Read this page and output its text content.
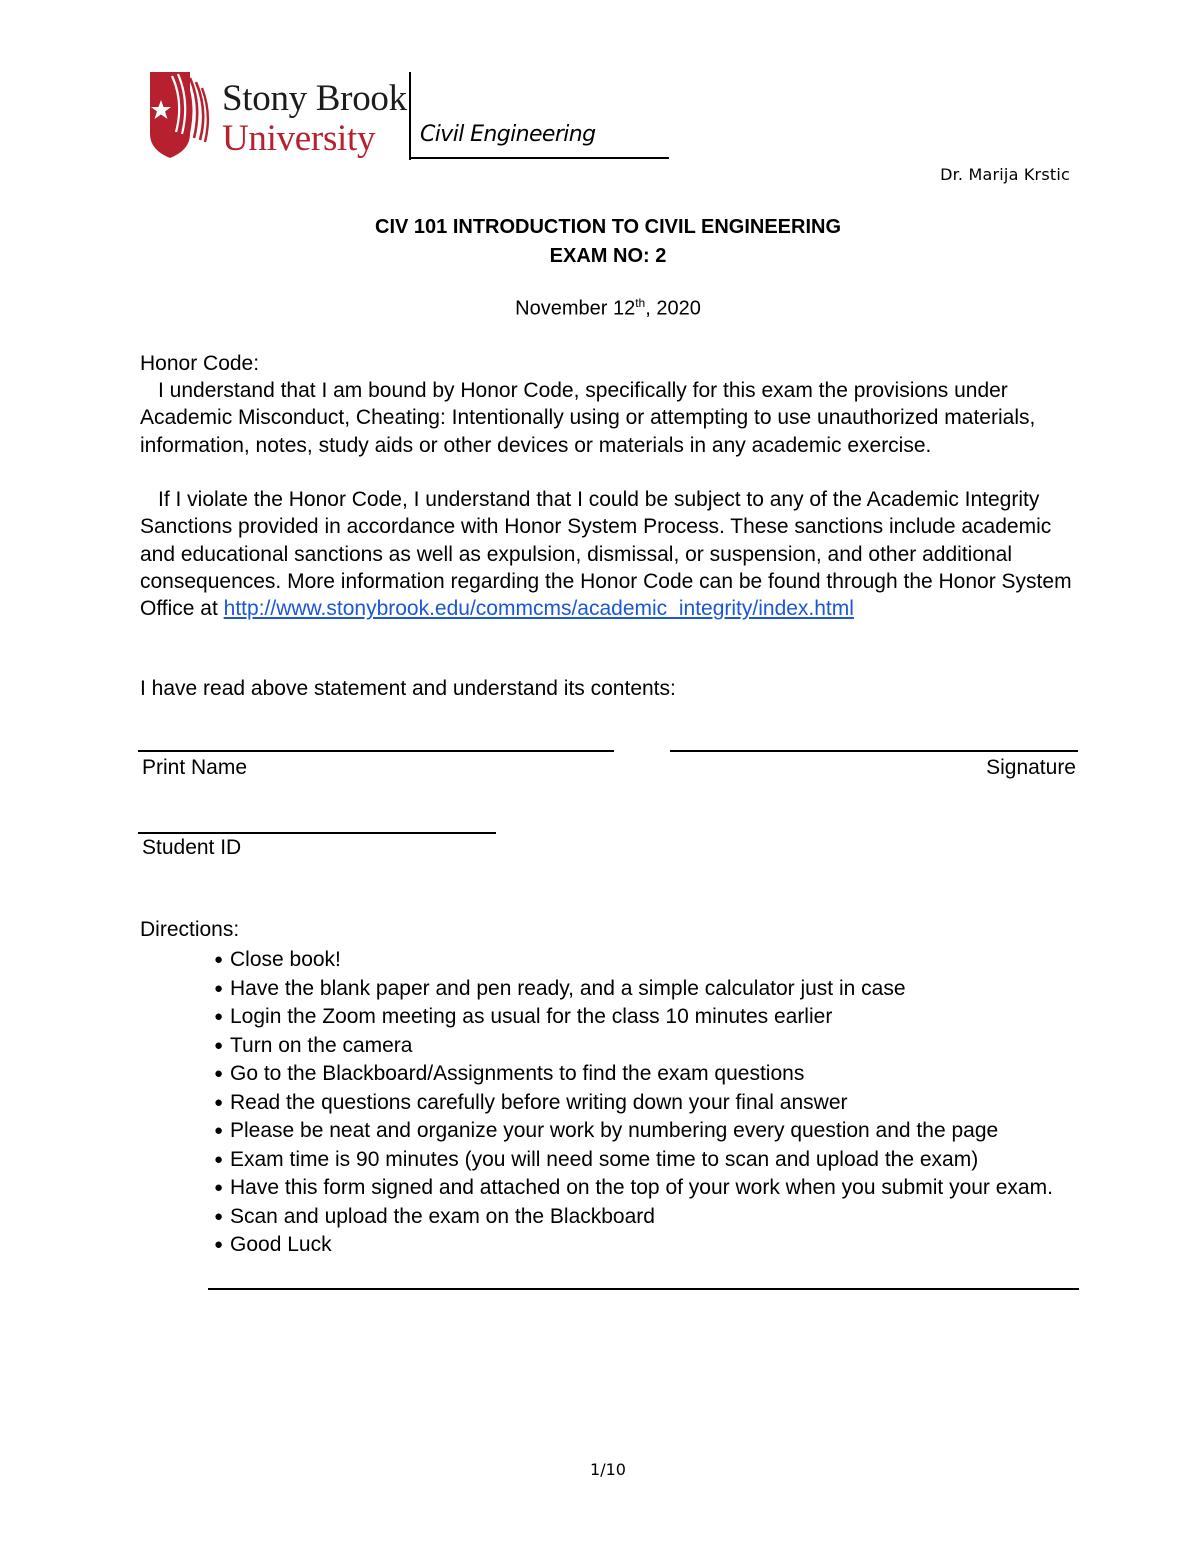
Stony Brook
University	Civil Engineering
Dr. Marija Krstic
CIV 101 INTRODUCTION TO CIVIL ENGINEERING
EXAM NO: 2
November 12th, 2020
Honor Code:
I understand that I am bound by Honor Code, specifically for this exam the provisions under Academic Misconduct, Cheating: Intentionally using or attempting to use unauthorized materials, information, notes, study aids or other devices or materials in any academic exercise.
If I violate the Honor Code, I understand that I could be subject to any of the Academic Integrity Sanctions provided in accordance with Honor System Process. These sanctions include academic and educational sanctions as well as expulsion, dismissal, or suspension, and other additional consequences. More information regarding the Honor Code can be found through the Honor System Office at http://www.stonybrook.edu/commcms/academic_integrity/index.html
I have read above statement and understand its contents:
Print Name	Signature
Student ID
Directions:
● Close book!
● Have the blank paper and pen ready, and a simple calculator just in case
● Login the Zoom meeting as usual for the class 10 minutes earlier
● Turn on the camera
● Go to the Blackboard/Assignments to find the exam questions
● Read the questions carefully before writing down your final answer
● Please be neat and organize your work by numbering every question and the page
● Exam time is 90 minutes (you will need some time to scan and upload the exam)
● Have this form signed and attached on the top of your work when you submit your exam.
● Scan and upload the exam on the Blackboard
● Good Luck
1/10
